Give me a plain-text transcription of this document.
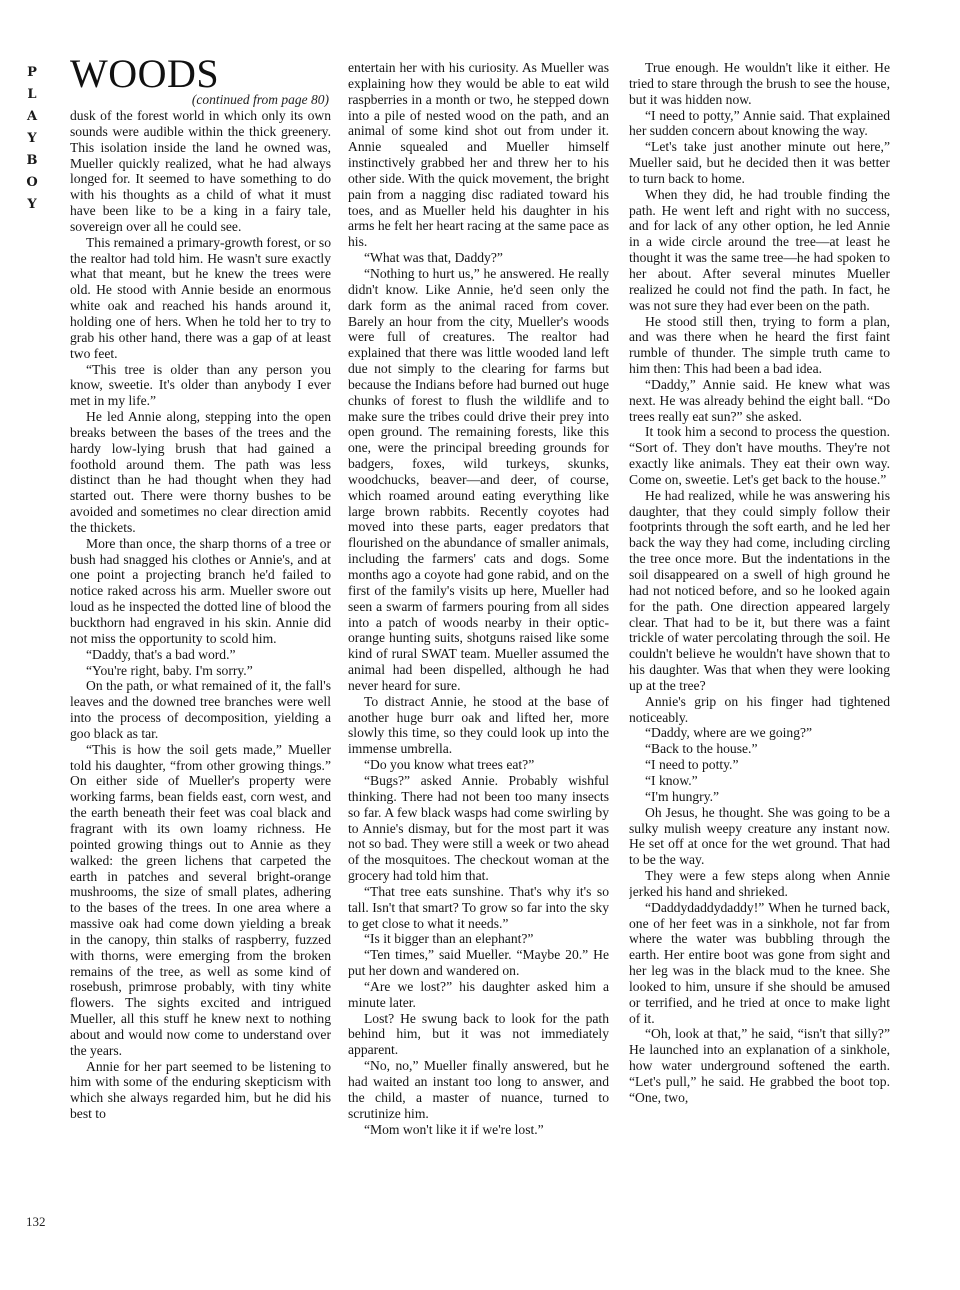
P
L
A
Y
B
O
Y
WOODS
(continued from page 80)

dusk of the forest world in which only its own sounds were audible within the thick greenery. This isolation inside the land he owned was, Mueller quickly realized, what he had always longed for. It seemed to have something to do with his thoughts as a child of what it must have been like to be a king in a fairy tale, sovereign over all he could see.

This remained a primary-growth forest, or so the realtor had told him. He wasn't sure exactly what that meant, but he knew the trees were old. He stood with Annie beside an enormous white oak and reached his hands around it, holding one of hers. When he told her to try to grab his other hand, there was a gap of at least two feet.

“This tree is older than any person you know, sweetie. It's older than anybody I ever met in my life.”

He led Annie along, stepping into the open breaks between the bases of the trees and the hardy low-lying brush that had gained a foothold around them. The path was less distinct than he had thought when they had started out. There were thorny bushes to be avoided and sometimes no clear direction amid the thickets.

More than once, the sharp thorns of a tree or bush had snagged his clothes or Annie's, and at one point a projecting branch he'd failed to notice raked across his arm. Mueller swore out loud as he inspected the dotted line of blood the buckthorn had engraved in his skin. Annie did not miss the opportunity to scold him.

“Daddy, that's a bad word.”

“You're right, baby. I'm sorry.”

On the path, or what remained of it, the fall's leaves and the downed tree branches were well into the process of decomposition, yielding a goo black as tar.

“This is how the soil gets made,” Mueller told his daughter, “from other growing things.” On either side of Mueller's property were working farms, bean fields east, corn west, and the earth beneath their feet was coal black and fragrant with its own loamy richness. He pointed growing things out to Annie as they walked: the green lichens that carpeted the earth in patches and several bright-orange mushrooms, the size of small plates, adhering to the bases of the trees. In one area where a massive oak had come down yielding a break in the canopy, thin stalks of raspberry, fuzzed with thorns, were emerging from the broken remains of the tree, as well as some kind of rosebush, primrose probably, with tiny white flowers. The sights excited and intrigued Mueller, all this stuff he knew next to nothing about and would now come to understand over the years.

Annie for her part seemed to be listening to him with some of the enduring skepticism with which she always regarded him, but he did his best to

entertain her with his curiosity. As Mueller was explaining how they would be able to eat wild raspberries in a month or two, he stepped down into a pile of nested wood on the path, and an animal of some kind shot out from under it. Annie squealed and Mueller himself instinctively grabbed her and threw her to his other side. With the quick movement, the bright pain from a nagging disc radiated toward his toes, and as Mueller held his daughter in his arms he felt her heart racing at the same pace as his.

“What was that, Daddy?”

“Nothing to hurt us,” he answered. He really didn't know. Like Annie, he'd seen only the dark form as the animal raced from cover. Barely an hour from the city, Mueller's woods were full of creatures. The realtor had explained that there was little wooded land left due not simply to the clearing for farms but because the Indians before had burned out huge chunks of forest to flush the wildlife and to make sure the tribes could drive their prey into open ground. The remaining forests, like this one, were the principal breeding grounds for badgers, foxes, wild turkeys, skunks, woodchucks, beaver—and deer, of course, which roamed around eating everything like large brown rabbits. Recently coyotes had moved into these parts, eager predators that flourished on the abundance of smaller animals, including the farmers' cats and dogs. Some months ago a coyote had gone rabid, and on the first of the family's visits up here, Mueller had seen a swarm of farmers pouring from all sides into a patch of woods nearby in their optic-orange hunting suits, shotguns raised like some kind of rural SWAT team. Mueller assumed the animal had been dispelled, although he had never heard for sure.

To distract Annie, he stood at the base of another huge burr oak and lifted her, more slowly this time, so they could look up into the immense umbrella.

“Do you know what trees eat?”

“Bugs?” asked Annie. Probably wishful thinking. There had not been too many insects so far. A few black wasps had come swirling by to Annie's dismay, but for the most part it was not so bad. They were still a week or two ahead of the mosquitoes. The checkout woman at the grocery had told him that.

“That tree eats sunshine. That's why it's so tall. Isn't that smart? To grow so far into the sky to get close to what it needs.”

“Is it bigger than an elephant?”

“Ten times,” said Mueller. “Maybe 20.” He put her down and wandered on.

“Are we lost?” his daughter asked him a minute later.

Lost? He swung back to look for the path behind him, but it was not immediately apparent.

“No, no,” Mueller finally answered, but he had waited an instant too long to answer, and the child, a master of nuance, turned to scrutinize him.

“Mom won't like it if we're lost.”

True enough. He wouldn't like it either. He tried to stare through the brush to see the house, but it was hidden now.

“I need to potty,” Annie said. That explained her sudden concern about knowing the way.

“Let's take just another minute out here,” Mueller said, but he decided then it was better to turn back to home.

When they did, he had trouble finding the path. He went left and right with no success, and for lack of any other option, he led Annie in a wide circle around the tree—at least he thought it was the same tree—he had spoken to her about. After several minutes Mueller realized he could not find the path. In fact, he was not sure they had ever been on the path.

He stood still then, trying to form a plan, and was there when he heard the first faint rumble of thunder. The simple truth came to him then: This had been a bad idea.

“Daddy,” Annie said. He knew what was next. He was already behind the eight ball. “Do trees really eat sun?” she asked.

It took him a second to process the question. “Sort of. They don't have mouths. They're not exactly like animals. They eat their own way. Come on, sweetie. Let's get back to the house.”

He had realized, while he was answering his daughter, that they could simply follow their footprints through the soft earth, and he led her back the way they had come, including circling the tree once more. But the indentations in the soil disappeared on a swell of high ground he had not noticed before, and so he looked again for the path. One direction appeared largely clear. That had to be it, but there was a faint trickle of water percolating through the soil. He couldn't believe he wouldn't have shown that to his daughter. Was that when they were looking up at the tree?

Annie's grip on his finger had tightened noticeably.

“Daddy, where are we going?”

“Back to the house.”

“I need to potty.”

“I know.”

“I'm hungry.”

Oh Jesus, he thought. She was going to be a sulky mulish weepy creature any instant now. He set off at once for the wet ground. That had to be the way.

They were a few steps along when Annie jerked his hand and shrieked.

“Daddydaddydaddy!” When he turned back, one of her feet was in a sinkhole, not far from where the water was bubbling through the earth. Her entire boot was gone from sight and her leg was in the black mud to the knee. She looked to him, unsure if she should be amused or terrified, and he tried at once to make light of it.

“Oh, look at that,” he said, “isn't that silly?” He launched into an explanation of a sinkhole, how water underground softened the earth. “Let's pull,” he said. He grabbed the boot top. “One, two,

132
